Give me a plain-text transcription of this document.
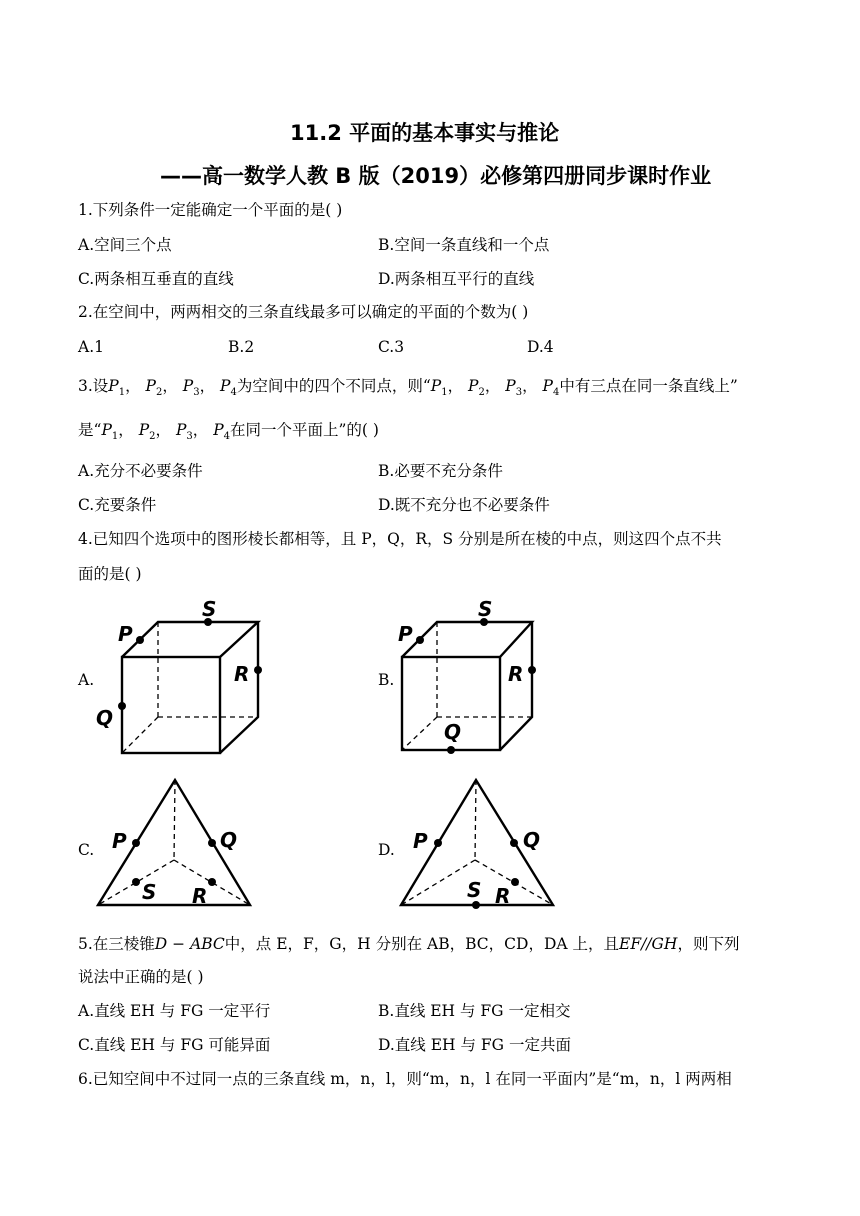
11.2 平面的基本事实与推论
——高一数学人教 B 版（2019）必修第四册同步课时作业
1.下列条件一定能确定一个平面的是( )
A.空间三个点	B.空间一条直线和一个点
C.两条相互垂直的直线	D.两条相互平行的直线
2.在空间中，两两相交的三条直线最多可以确定的平面的个数为( )
A.1	B.2	C.3	D.4
3.设$P_1$， $P_2$， $P_3$， $P_4$为空间中的四个不同点，则“$P_1$， $P_2$， $P_3$， $P_4$中有三点在同一条直线上”
是“$P_1$， $P_2$， $P_3$， $P_4$在同一个平面上”的( )
A.充分不必要条件	B.必要不充分条件
C.充要条件	D.既不充分也不必要条件
4.已知四个选项中的图形棱长都相等，且 P，Q，R，S 分别是所在棱的中点，则这四个点不共
面的是( )
A.	B.
C.	D.
P
S
R
Q
P
S
R
Q
P	Q
S R
P	Q
S R
5.在三棱锥D − ABC中，点 E，F，G，H 分别在 AB，BC，CD，DA 上，且EF//GH，则下列
说法中正确的是( )
A.直线 EH 与 FG 一定平行	B.直线 EH 与 FG 一定相交
C.直线 EH 与 FG 可能异面	D.直线 EH 与 FG 一定共面
6.已知空间中不过同一点的三条直线 m，n，l，则“m，n，l 在同一平面内”是“m，n，l 两两相
